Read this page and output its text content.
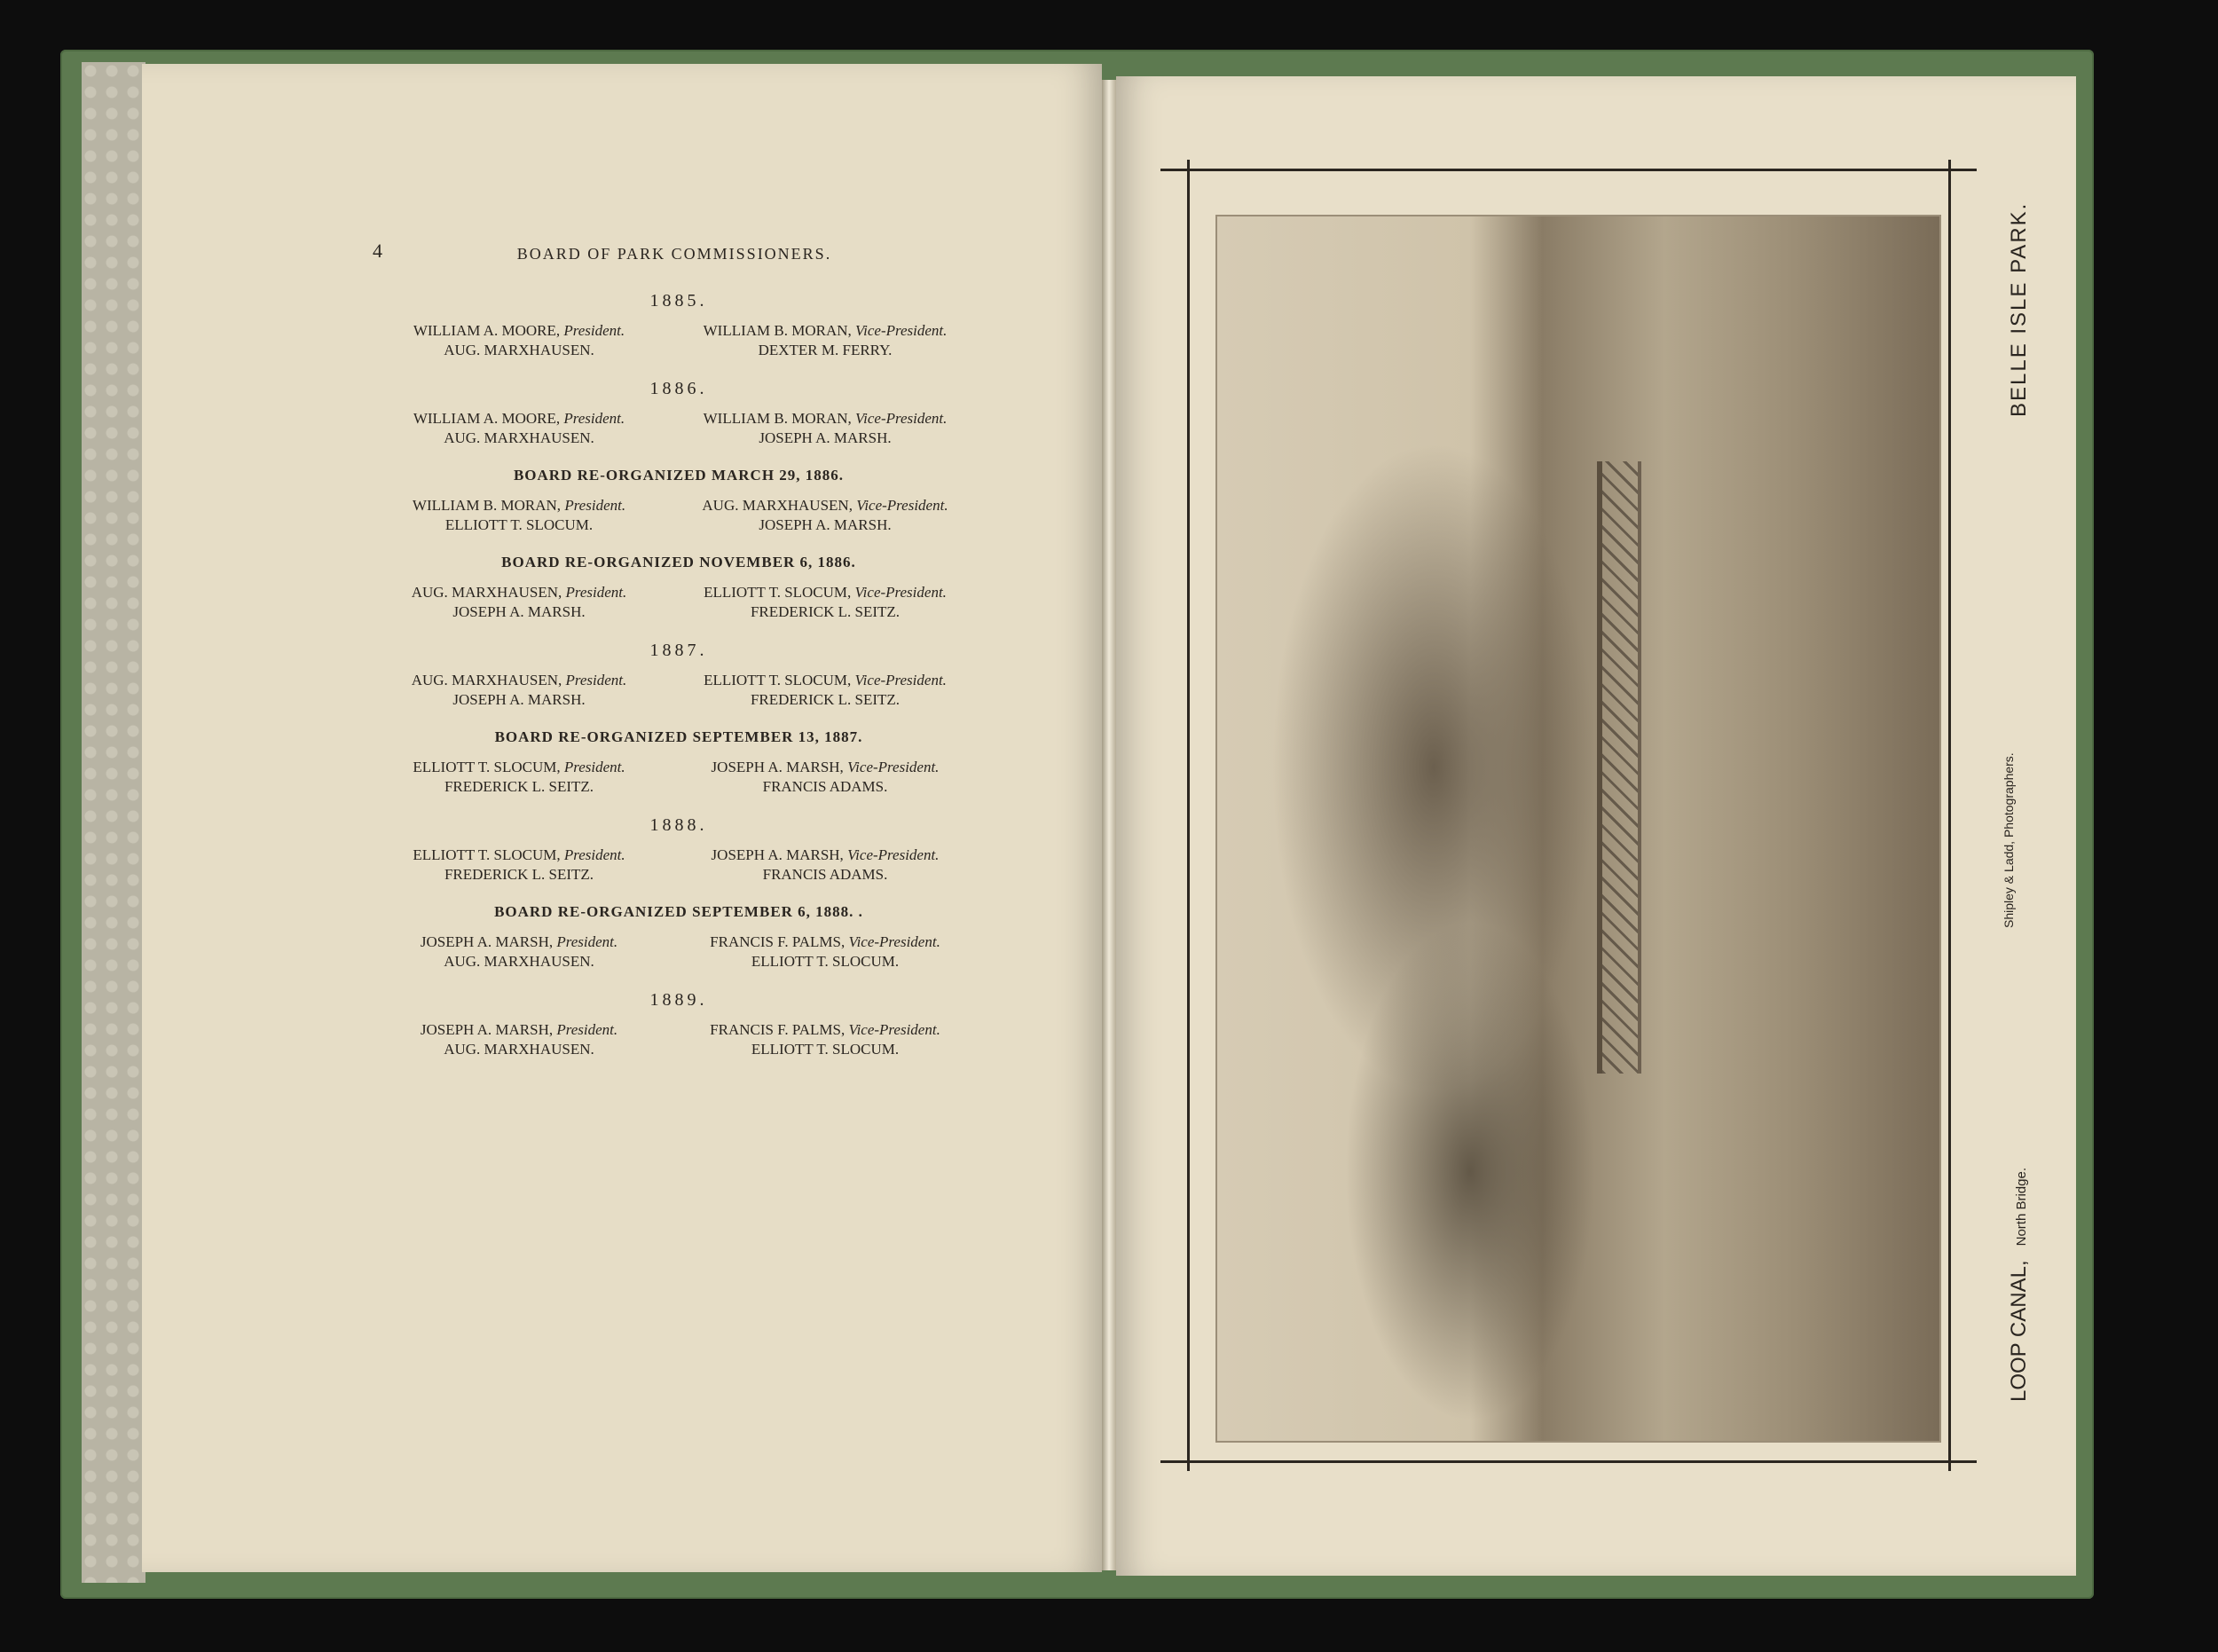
4	BOARD OF PARK COMMISSIONERS.
1885.
WILLIAM A. MOORE, President.	WILLIAM B. MORAN, Vice-President.
AUG. MARXHAUSEN.	DEXTER M. FERRY.
1886.
WILLIAM A. MOORE, President.	WILLIAM B. MORAN, Vice-President.
AUG. MARXHAUSEN.	JOSEPH A. MARSH.
BOARD RE-ORGANIZED MARCH 29, 1886.
WILLIAM B. MORAN, President.	AUG. MARXHAUSEN, Vice-President.
ELLIOTT T. SLOCUM.	JOSEPH A. MARSH.
BOARD RE-ORGANIZED NOVEMBER 6, 1886.
AUG. MARXHAUSEN, President.	ELLIOTT T. SLOCUM, Vice-President.
JOSEPH A. MARSH.	FREDERICK L. SEITZ.
1887.
AUG. MARXHAUSEN, President.	ELLIOTT T. SLOCUM, Vice-President.
JOSEPH A. MARSH.	FREDERICK L. SEITZ.
BOARD RE-ORGANIZED SEPTEMBER 13, 1887.
ELLIOTT T. SLOCUM, President.	JOSEPH A. MARSH, Vice-President.
FREDERICK L. SEITZ.	FRANCIS ADAMS.
1888.
ELLIOTT T. SLOCUM, President.	JOSEPH A. MARSH, Vice-President.
FREDERICK L. SEITZ.	FRANCIS ADAMS.
BOARD RE-ORGANIZED SEPTEMBER 6, 1888. .
JOSEPH A. MARSH, President.	FRANCIS F. PALMS, Vice-President.
AUG. MARXHAUSEN.	ELLIOTT T. SLOCUM.
1889.
JOSEPH A. MARSH, President.	FRANCIS F. PALMS, Vice-President.
AUG. MARXHAUSEN.	ELLIOTT T. SLOCUM.
BELLE ISLE PARK.
LOOP CANAL,North Bridge.
Shipley & Ladd, Photographers.
